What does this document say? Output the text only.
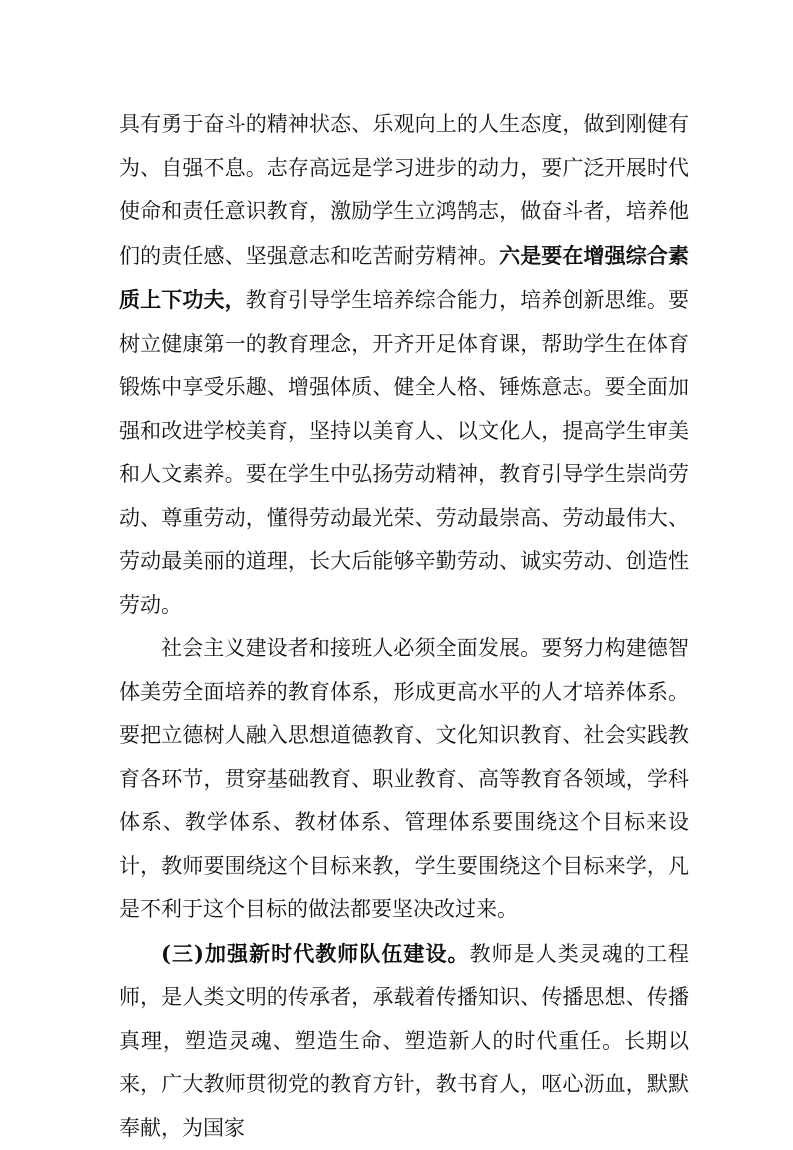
具有勇于奋斗的精神状态、乐观向上的人生态度，做到刚健有为、自强不息。志存高远是学习进步的动力，要广泛开展时代使命和责任意识教育，激励学生立鸿鹄志，做奋斗者，培养他们的责任感、坚强意志和吃苦耐劳精神。六是要在增强综合素质上下功夫，教育引导学生培养综合能力，培养创新思维。要树立健康第一的教育理念，开齐开足体育课，帮助学生在体育锻炼中享受乐趣、增强体质、健全人格、锤炼意志。要全面加强和改进学校美育，坚持以美育人、以文化人，提高学生审美和人文素养。要在学生中弘扬劳动精神，教育引导学生崇尚劳动、尊重劳动，懂得劳动最光荣、劳动最崇高、劳动最伟大、劳动最美丽的道理，长大后能够辛勤劳动、诚实劳动、创造性劳动。

社会主义建设者和接班人必须全面发展。要努力构建德智体美劳全面培养的教育体系，形成更高水平的人才培养体系。要把立德树人融入思想道德教育、文化知识教育、社会实践教育各环节，贯穿基础教育、职业教育、高等教育各领域，学科体系、教学体系、教材体系、管理体系要围绕这个目标来设计，教师要围绕这个目标来教，学生要围绕这个目标来学，凡是不利于这个目标的做法都要坚决改过来。

(三)加强新时代教师队伍建设。教师是人类灵魂的工程师，是人类文明的传承者，承载着传播知识、传播思想、传播真理，塑造灵魂、塑造生命、塑造新人的时代重任。长期以来，广大教师贯彻党的教育方针，教书育人，呕心沥血，默默奉献，为国家
